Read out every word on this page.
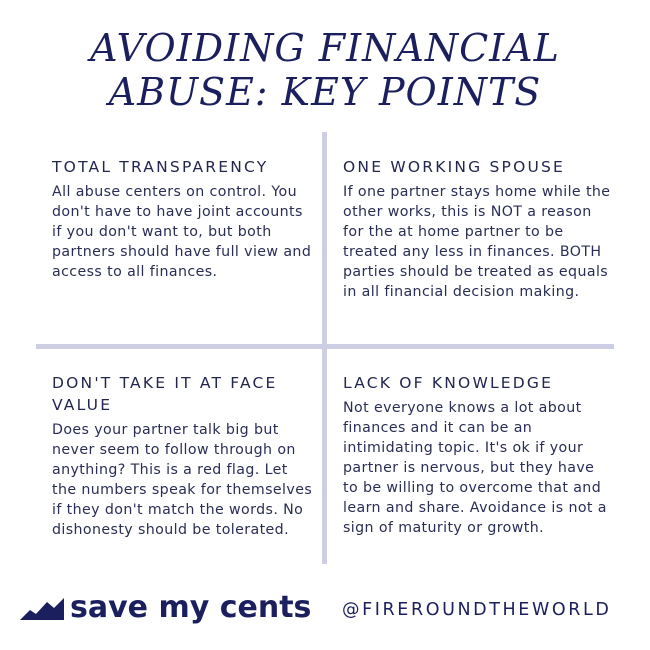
AVOIDING FINANCIAL
ABUSE: KEY POINTS
TOTAL TRANSPARENCY

All abuse centers on control. You don't have to have joint accounts if you don't want to, but both partners should have full view and access to all finances.

ONE WORKING SPOUSE

If one partner stays home while the other works, this is NOT a reason for the at home partner to be treated any less in finances. BOTH parties should be treated as equals in all financial decision making.

DON'T TAKE IT AT FACE VALUE

Does your partner talk big but never seem to follow through on anything? This is a red flag. Let the numbers speak for themselves if they don't match the words. No dishonesty should be tolerated.

LACK OF KNOWLEDGE

Not everyone knows a lot about finances and it can be an intimidating topic. It's ok if your partner is nervous, but they have to be willing to overcome that and learn and share. Avoidance is not a sign of maturity or growth.

save my cents @FIREROUNDTHEWORLD
